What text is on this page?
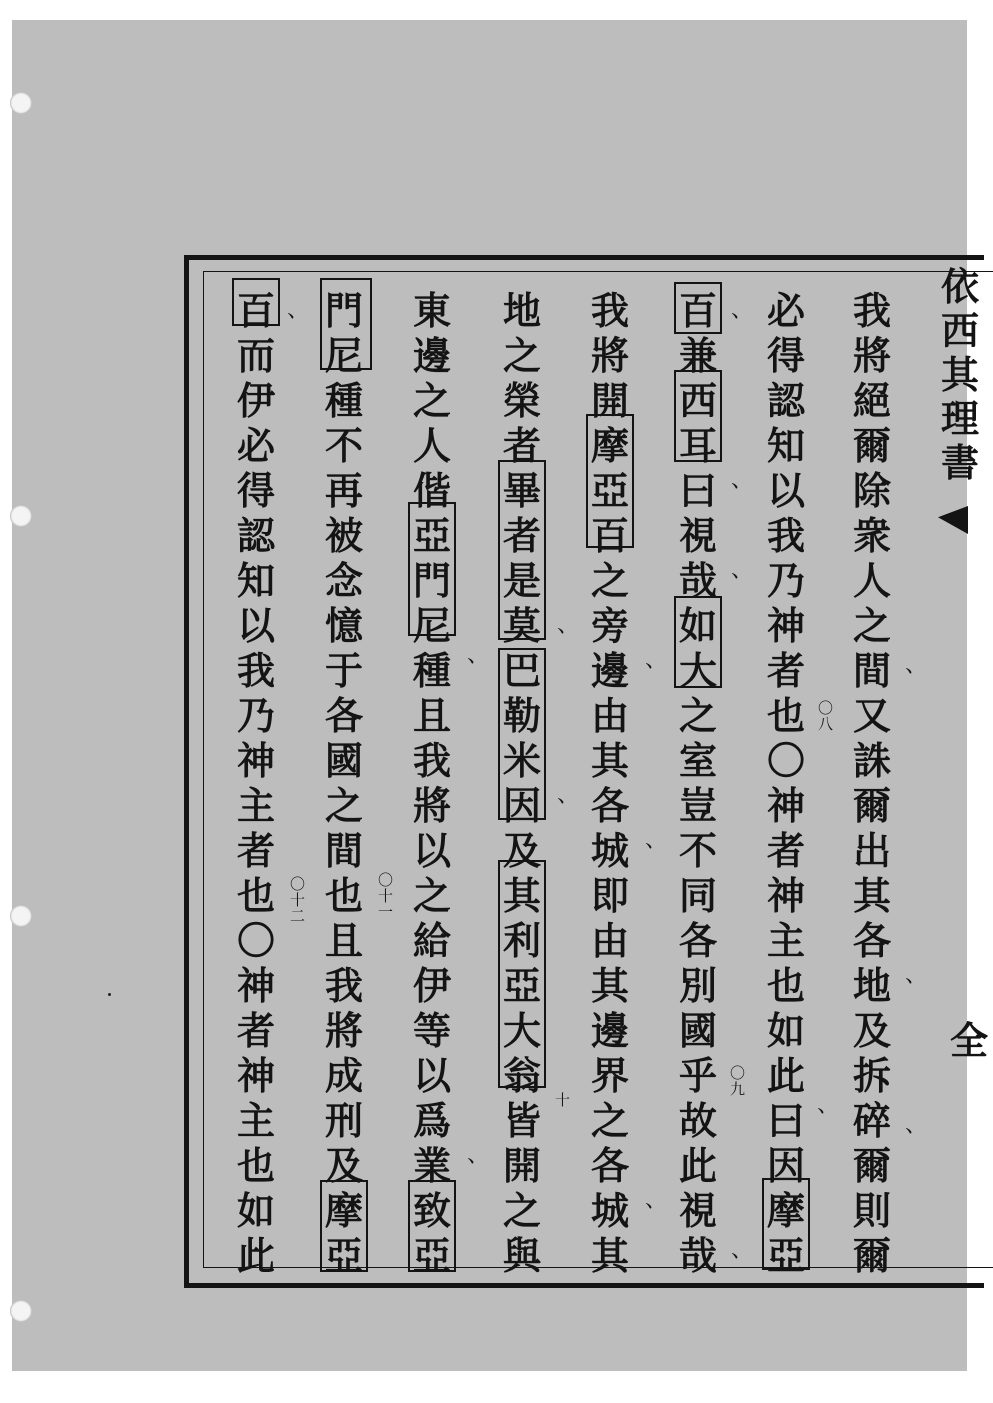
依
西
其
理
書
全
我
將
絕
爾
除
衆
人
之
間
又
誅
爾
出
其
各
地
及
拆
碎
爾
則
爾
必
得
認
知
以
我
乃
神
者
也
〇
神
者
神
主
也
如
此
曰
因
摩
亞
百
兼
西
耳
曰
視
哉
如
大
之
室
豈
不
同
各
別
國
乎
故
此
視
哉
我
將
開
摩
亞
百
之
旁
邊
由
其
各
城
即
由
其
邊
界
之
各
城
其
地
之
榮
者
畢
者
是
莫
巴
勒
米
因
及
其
利
亞
大
翁
皆
開
之
與
東
邊
之
人
偕
亞
門
尼
種
且
我
將
以
之
給
伊
等
以
爲
業
致
亞
門
尼
種
不
再
被
念
憶
于
各
國
之
間
也
且
我
將
成
刑
及
摩
亞
百
而
伊
必
得
認
知
以
我
乃
神
主
者
也
〇
神
者
神
主
也
如
此
、
、
、
、
、
、
、
、
、
、
、
、
、
、
、
、
〇八
〇九
十
〇十一
〇十二
